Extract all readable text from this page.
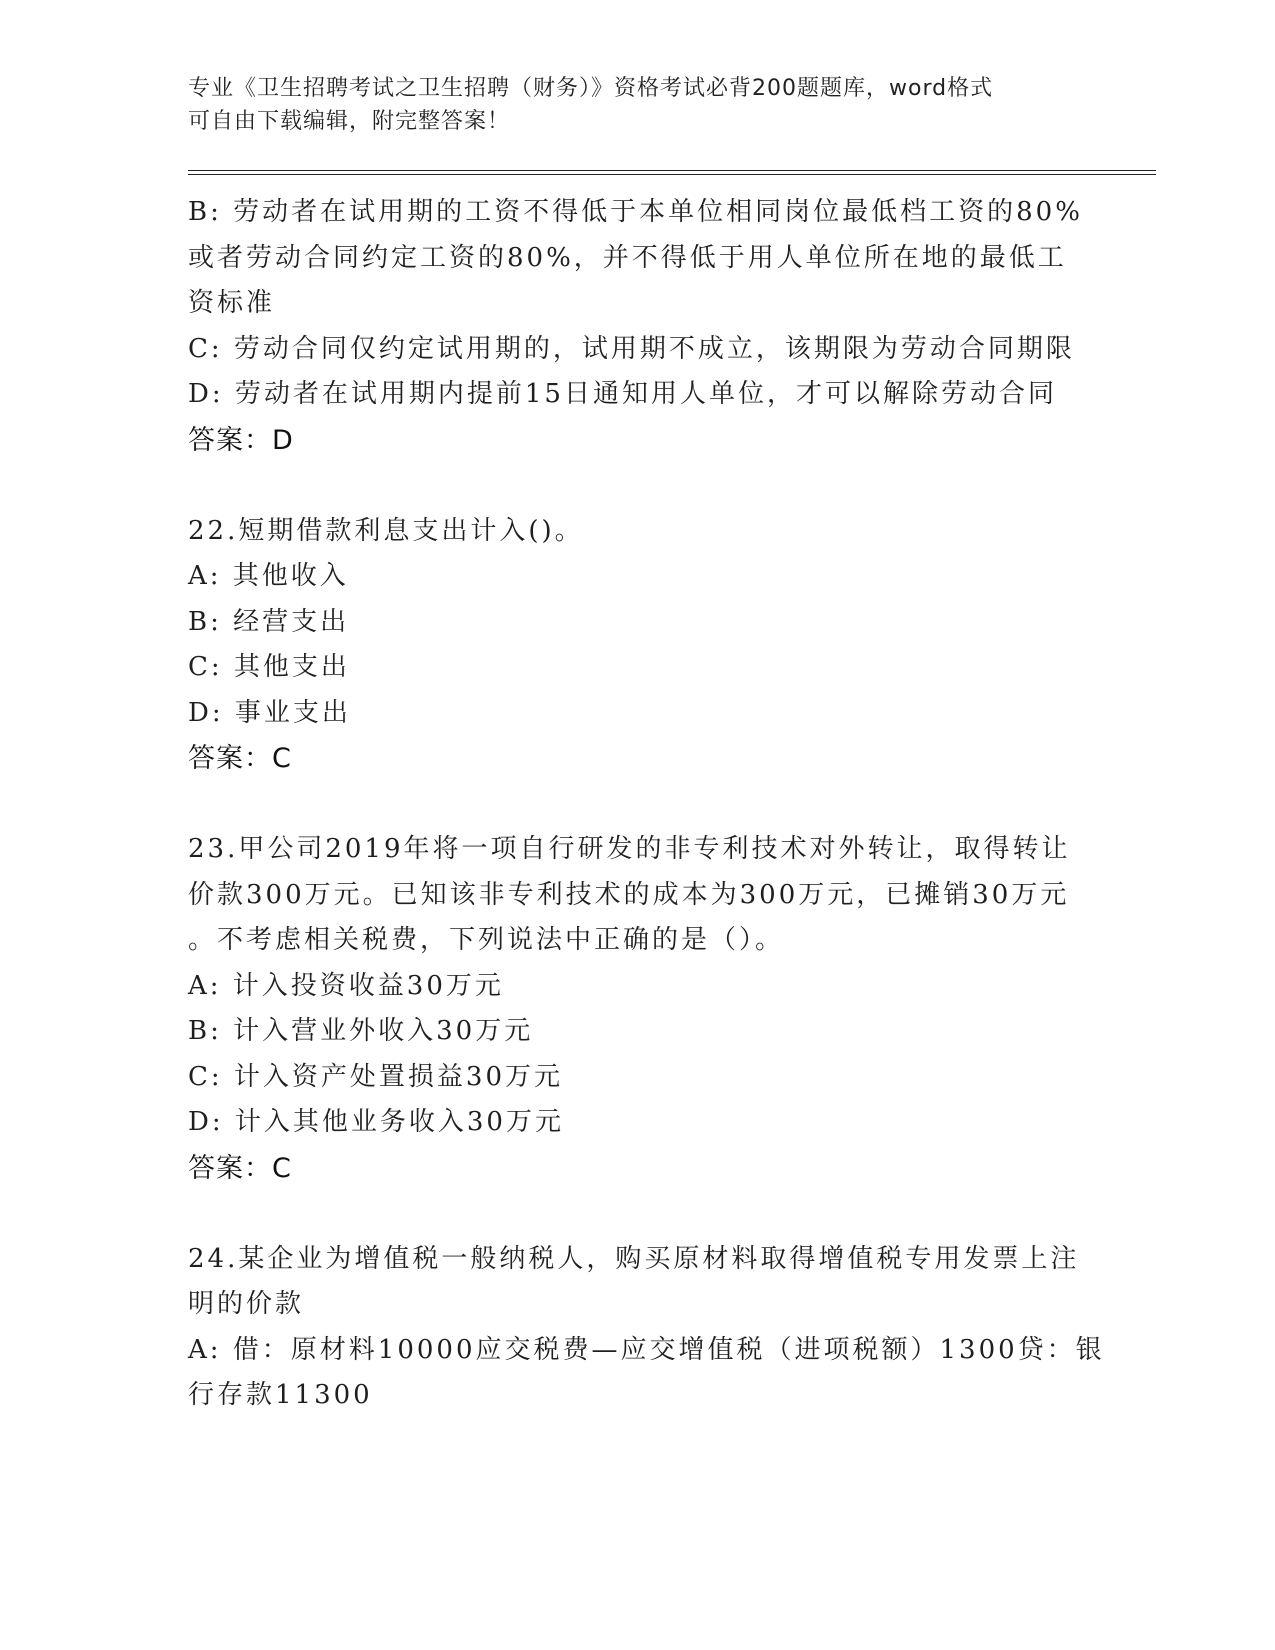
专业《卫生招聘考试之卫生招聘（财务）》资格考试必背200题题库，word格式
可自由下载编辑，附完整答案！
B: 劳动者在试用期的工资不得低于本单位相同岗位最低档工资的80%
或者劳动合同约定工资的80%，并不得低于用人单位所在地的最低工
资标准
C: 劳动合同仅约定试用期的，试用期不成立，该期限为劳动合同期限
D: 劳动者在试用期内提前15日通知用人单位，才可以解除劳动合同
答案：D
22.短期借款利息支出计入()。
A: 其他收入
B: 经营支出
C: 其他支出
D: 事业支出
答案：C
23.甲公司2019年将一项自行研发的非专利技术对外转让，取得转让
价款300万元。已知该非专利技术的成本为300万元，已摊销30万元
。不考虑相关税费，下列说法中正确的是（）。
A: 计入投资收益30万元
B: 计入营业外收入30万元
C: 计入资产处置损益30万元
D: 计入其他业务收入30万元
答案：C
24.某企业为增值税一般纳税人，购买原材料取得增值税专用发票上注
明的价款
A: 借：原材料10000应交税费—应交增值税（进项税额）1300贷：银
行存款11300
